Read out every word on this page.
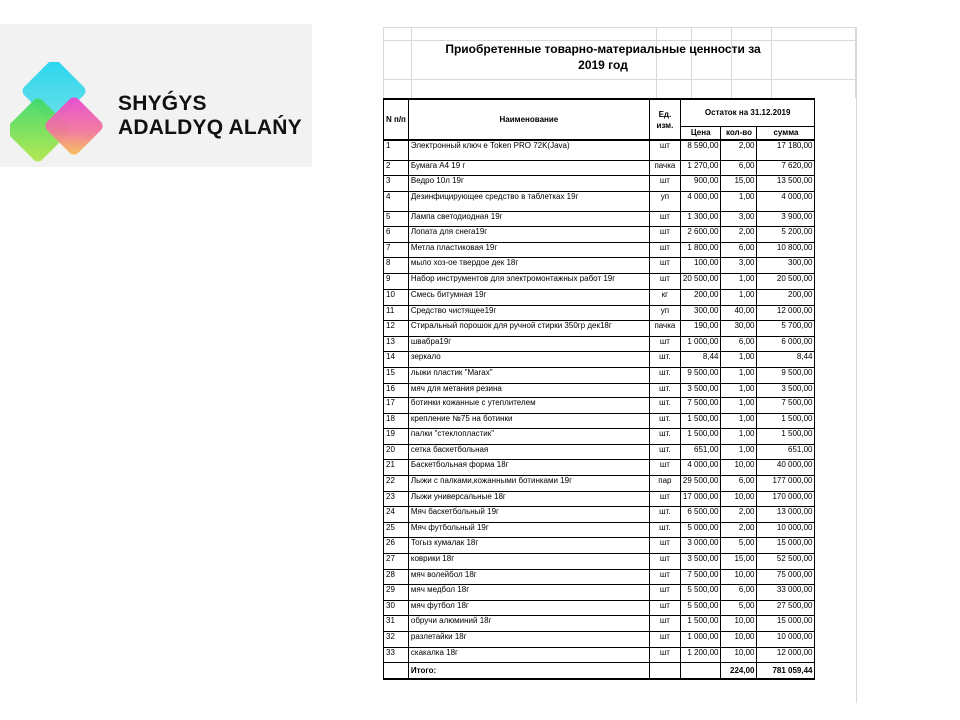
SHYǴYS
ADALDYQ ALAŃY
Приобретенные товарно-материальные ценности за
2019 год
N п/п	Наименование	Ед. изм.	Остаток на 31.12.2019		
			Цена	кол-во	сумма
1	Электронный ключ е Token PRO 72K(Java)	шт	8 590,00	2,00	17 180,00
2	Бумага А4 19 г	пачка	1 270,00	6,00	7 620,00
3	Ведро 10л 19г	шт	900,00	15,00	13 500,00
4	Дезинфицирующее средство в таблетках 19г	уп	4 000,00	1,00	4 000,00
5	Лампа светодиодная 19г	шт	1 300,00	3,00	3 900,00
6	Лопата для снега19г	шт	2 600,00	2,00	5 200,00
7	Метла пластиковая 19г	шт	1 800,00	6,00	10 800,00
8	мыло хоз-ое твердое дек 18г	шт	100,00	3,00	300,00
9	Набор инструментов для электромонтажных работ 19г	шт	20 500,00	1,00	20 500,00
10	Смесь битумная 19г	кг	200,00	1,00	200,00
11	Средство чистящее19г	уп	300,00	40,00	12 000,00
12	Стиральный порошок для ручной стирки 350гр дек18г	пачка	190,00	30,00	5 700,00
13	швабра19г	шт	1 000,00	6,00	6 000,00
14	зеркало	шт.	8,44	1,00	8,44
15	лыжи пластик "Marax"	шт.	9 500,00	1,00	9 500,00
16	мяч для метания резина	шт.	3 500,00	1,00	3 500,00
17	ботинки кожанные с утеплителем	шт.	7 500,00	1,00	7 500,00
18	крепление №75 на ботинки	шт.	1 500,00	1,00	1 500,00
19	палки "стеклопластик"	шт.	1 500,00	1,00	1 500,00
20	сетка баскетбольная	шт.	651,00	1,00	651,00
21	Баскетбольная форма 18г	шт	4 000,00	10,00	40 000,00
22	Лыжи с палками,кожанными ботинками 19г	пар	29 500,00	6,00	177 000,00
23	Лыжи универсальные 18г	шт	17 000,00	10,00	170 000,00
24	Мяч баскетбольный 19г	шт.	6 500,00	2,00	13 000,00
25	Мяч футбольный 19г	шт.	5 000,00	2,00	10 000,00
26	Тогыз кумалак 18г	шт	3 000,00	5,00	15 000,00
27	коврики 18г	шт	3 500,00	15,00	52 500,00
28	мяч волейбол 18г	шт	7 500,00	10,00	75 000,00
29	мяч медбол 18г	шт	5 500,00	6,00	33 000,00
30	мяч футбол 18г	шт	5 500,00	5,00	27 500,00
31	обручи алюминий 18г	шт	1 500,00	10,00	15 000,00
32	разлетайки 18г	шт	1 000,00	10,00	10 000,00
33	скакалка 18г	шт	1 200,00	10,00	12 000,00
	Итого:			224,00	781 059,44
